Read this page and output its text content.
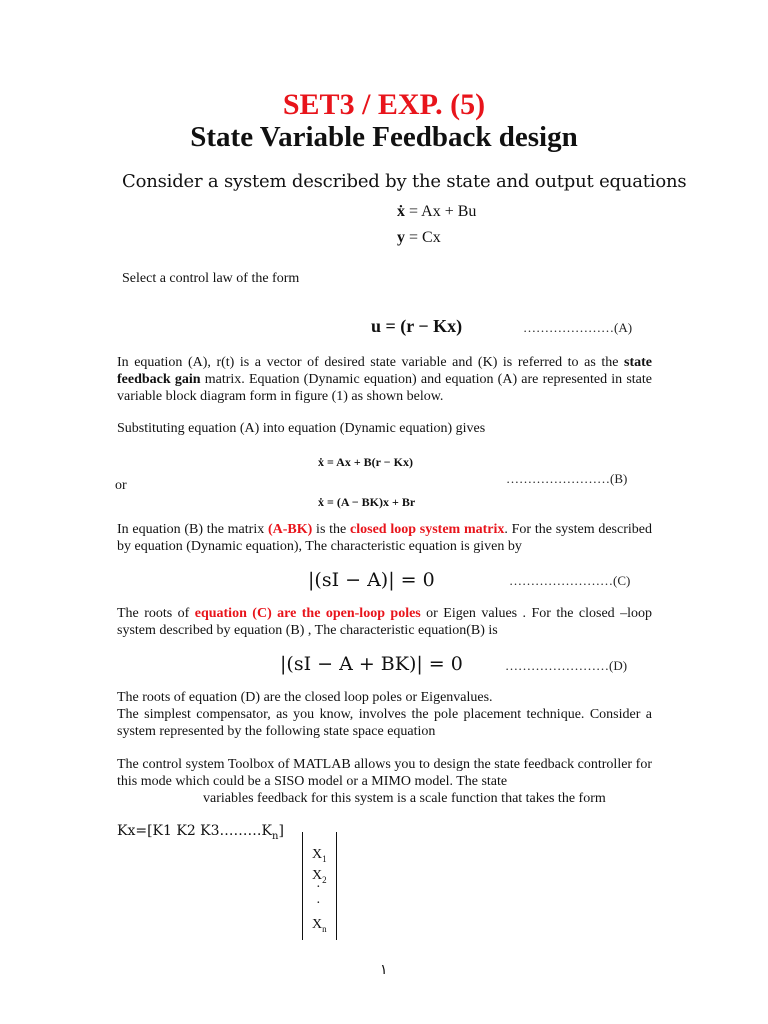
SET3 / EXP. (5)
State Variable Feedback design
Consider a system described by the state and output equations
ẋ = Ax + Bu
y = Cx
Select a control law of the form
u = (r − Kx)	…………………(A)
In equation (A), r(t) is a vector of desired state variable and (K) is referred to as the state feedback gain matrix. Equation (Dynamic equation) and equation (A) are represented in state variable block diagram form in figure (1) as shown below.
Substituting equation (A) into equation (Dynamic equation) gives
ẋ = Ax + B(r − Kx)
or	……………………(B)
ẋ = (A − BK)x + Br
In equation (B) the matrix (A-BK) is the closed loop system matrix. For the system described by equation (Dynamic equation), The characteristic equation is given by
|(sI − A)| = 0	……………………(C)
The roots of equation (C) are the open-loop poles or Eigen values . For the closed –loop system described by equation (B) , The characteristic equation(B) is
|(sI − A + BK)| = 0	……………………(D)
The roots of equation (D) are the closed loop poles or Eigenvalues.
The simplest compensator, as you know, involves the pole placement technique. Consider a system represented by the following state space equation
The control system Toolbox of MATLAB allows you to design the state feedback controller for this mode which could be a SISO model or a MIMO model. The state
variables feedback for this system is a scale function that takes the form
Kx=[K1 K2 $K3\dots\dots\dots K_n$]
$X_1$
$X_2$
·
·
$X_n$
١
